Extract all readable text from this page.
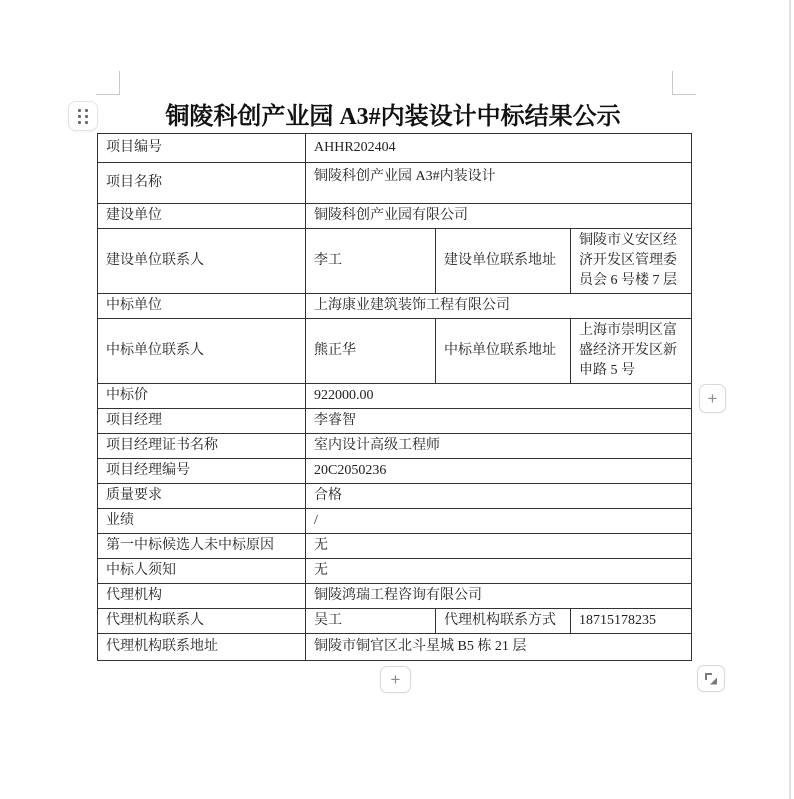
铜陵科创产业园 A3#内装设计中标结果公示
项目编号	AHHR202404		
项目名称	铜陵科创产业园 A3#内装设计		
建设单位	铜陵科创产业园有限公司		
建设单位联系人	李工	建设单位联系地址	铜陵市义安区经济开发区管理委员会 6 号楼 7 层
中标单位	上海康业建筑装饰工程有限公司		
中标单位联系人	熊正华	中标单位联系地址	上海市崇明区富盛经济开发区新申路 5 号
中标价	922000.00		
项目经理	李睿智		
项目经理证书名称	室内设计高级工程师		
项目经理编号	20C2050236		
质量要求	合格		
业绩	/		
第一中标候选人未中标原因	无		
中标人须知	无		
代理机构	铜陵鸿瑞工程咨询有限公司		
代理机构联系人	吴工	代理机构联系方式	18715178235
代理机构联系地址	铜陵市铜官区北斗星城 B5 栋 21 层		
+
+
